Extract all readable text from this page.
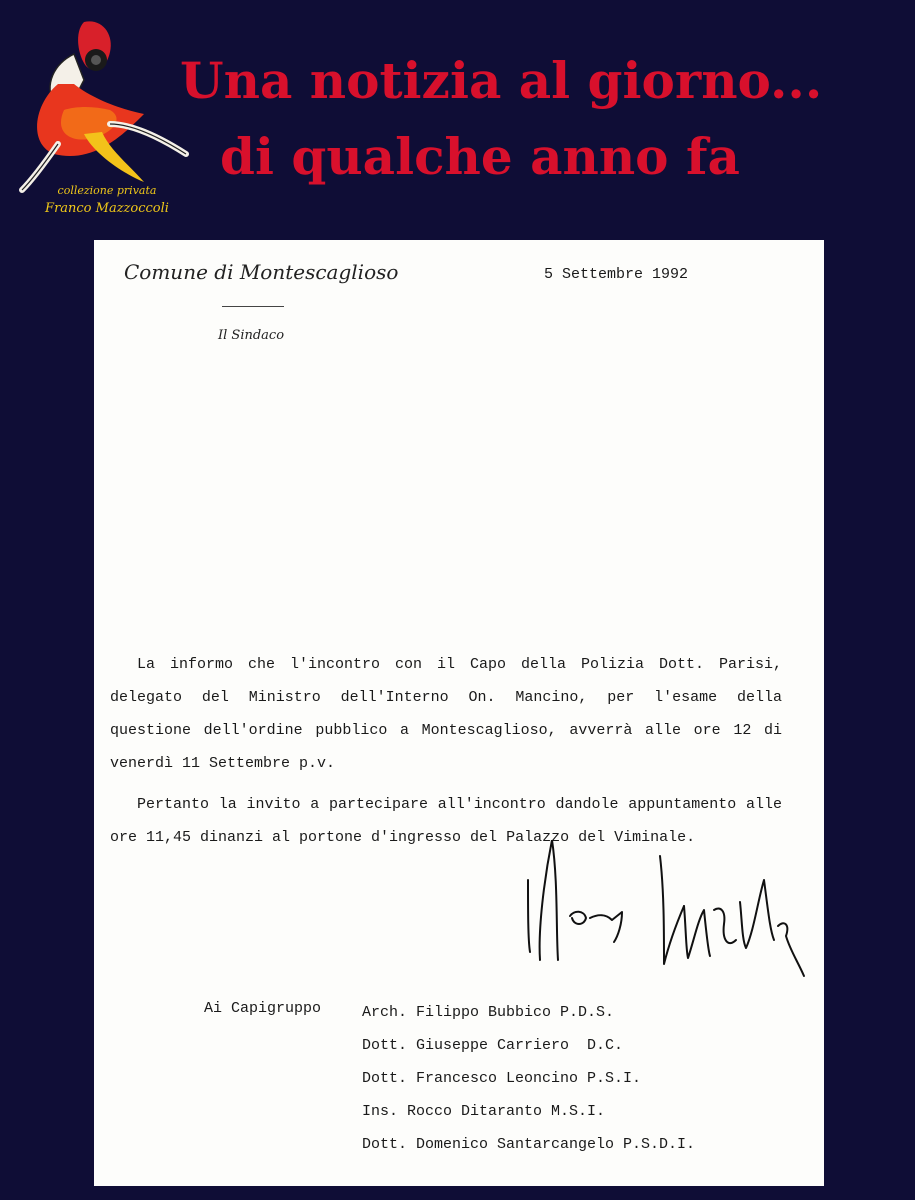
collezione privata
Franco Mazzoccoli
Una notizia al giorno...
di qualche anno fa
Comune di Montescaglioso
Il Sindaco
5 Settembre 1992

La informo che l'incontro con il Capo della Polizia Dott. Parisi, delegato del Ministro dell'Interno On. Mancino, per l'esame della questione dell'ordine pubblico a Montescaglioso, avverrà alle ore 12 di venerdì 11 Settembre p.v.

Pertanto la invito a partecipare all'incontro dandole appuntamento alle ore 11,45 dinanzi al portone d'ingresso del Palazzo del Viminale.

Ai Capigruppo	Arch. Filippo Bubbico P.D.S.
Dott. Giuseppe Carriero  D.C.
Dott. Francesco Leoncino P.S.I.
Ins. Rocco Ditaranto M.S.I.
Dott. Domenico Santarcangelo P.S.D.I.
